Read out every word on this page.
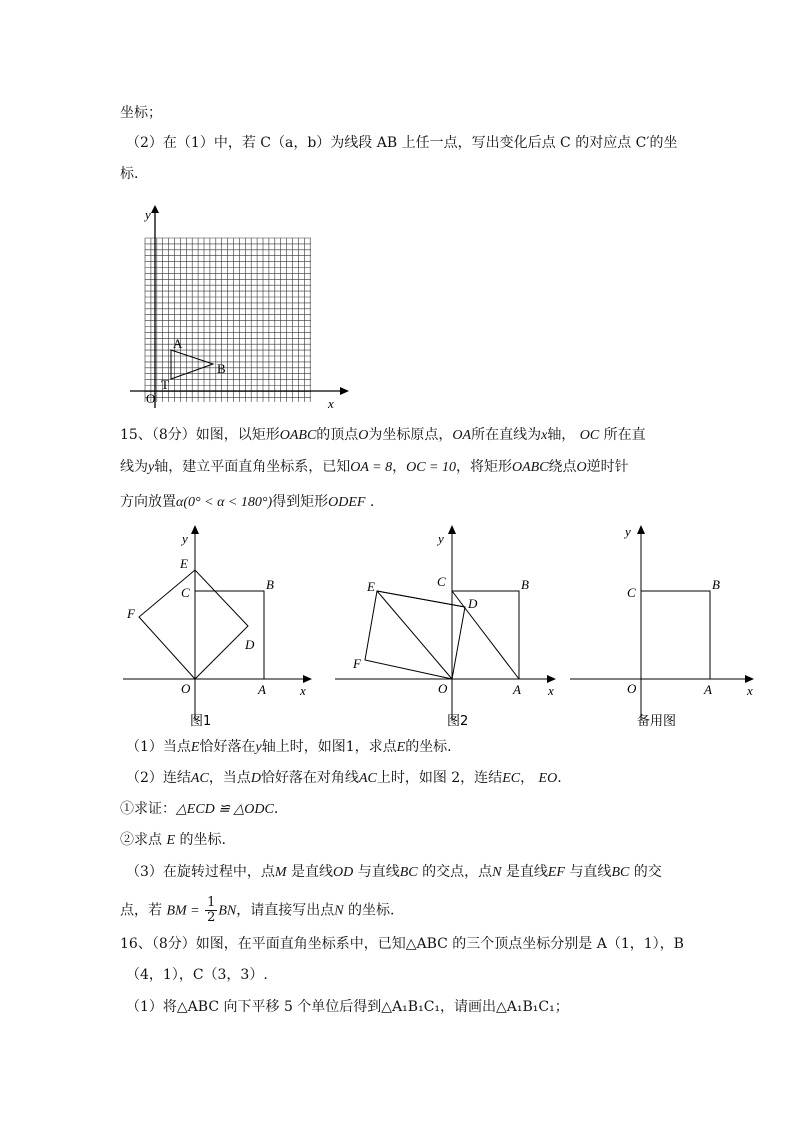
坐标；
（2）在（1）中，若 C（a，b）为线段 AB 上任一点，写出变化后点 C 的对应点 C′的坐
标.
y
x
O
A
B
T
15、（8分）如图，以矩形OABC的顶点O为坐标原点，OA所在直线为x轴， OC 所在直
线为y轴，建立平面直角坐标系，已知OA = 8，OC = 10，将矩形OABC绕点O逆时针
方向放置α(0° < α < 180°)得到矩形ODEF .
y
x
O	A
B
C
D
E
F
图1
y
x
O	A
B
C
D
E
F
图2
y
x
O	A
B
C
备用图
（1）当点E恰好落在y轴上时，如图1，求点E的坐标.
（2）连结AC，当点D恰好落在对角线AC上时，如图 2，连结EC， EO.
①求证：△ECD ≌ △ODC.
②求点 E 的坐标.
（3）在旋转过程中，点M 是直线OD 与直线BC 的交点，点N 是直线EF 与直线BC 的交
点，若 BM = $\frac{1}{2}$ BN，请直接写出点N 的坐标.
16、（8分）如图，在平面直角坐标系中，已知△ABC 的三个顶点坐标分别是 A（1，1），B
（4，1），C（3，3）.
（1）将△ABC 向下平移 5 个单位后得到△A₁B₁C₁，请画出△A₁B₁C₁；
